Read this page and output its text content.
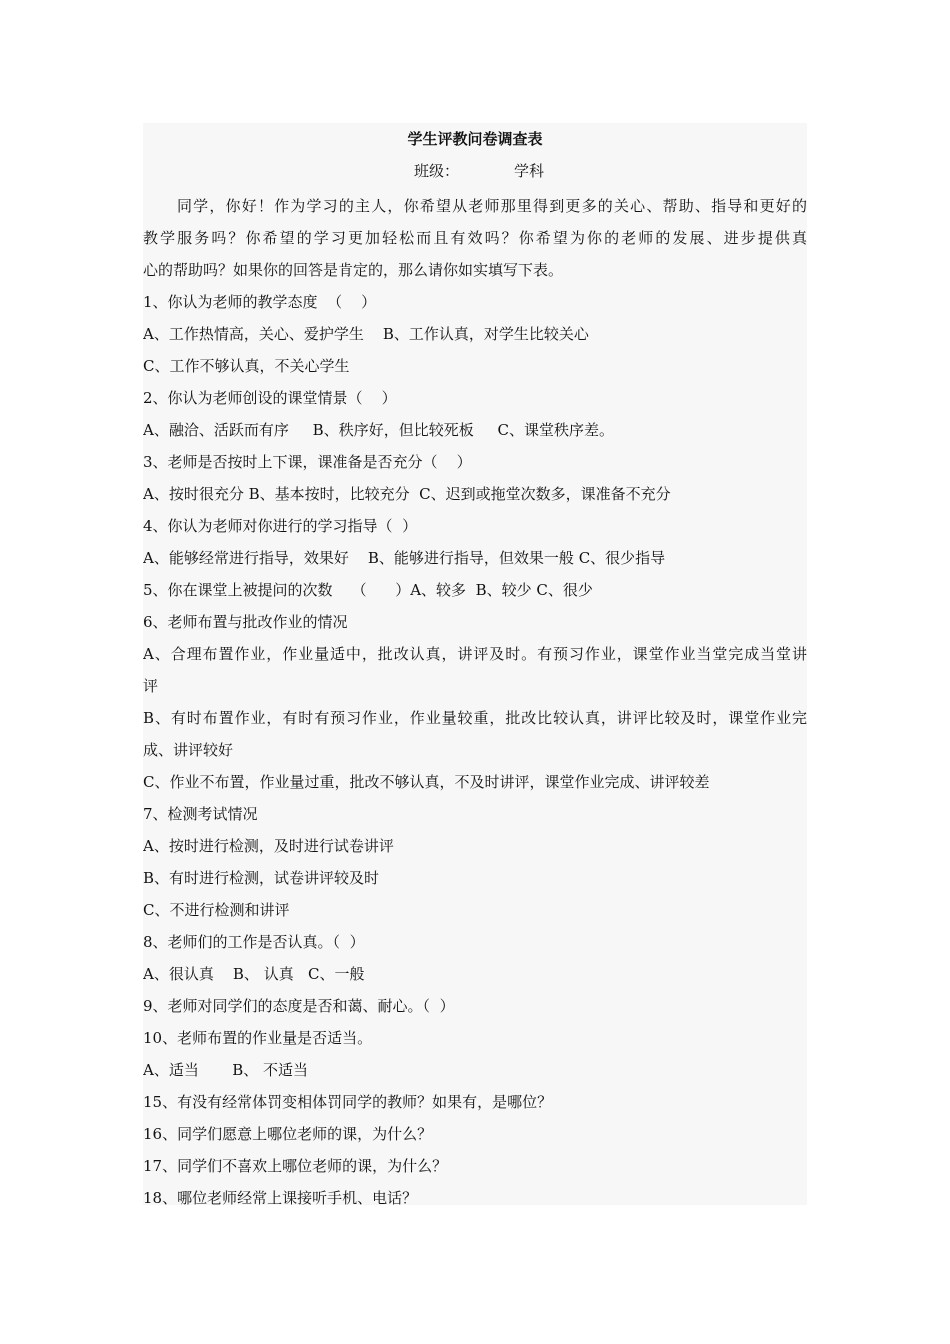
学生评教问卷调查表
班级：	学科
同学，你好！作为学习的主人，你希望从老师那里得到更多的关心、帮助、指导和更好的
教学服务吗？你希望的学习更加轻松而且有效吗？你希望为你的老师的发展、进步提供真
心的帮助吗？如果你的回答是肯定的，那么请你如实填写下表。
1、你认为老师的教学态度  （    ）
A、工作热情高，关心、爱护学生    B、工作认真，对学生比较关心
C、工作不够认真，不关心学生
2、你认为老师创设的课堂情景（    ）
A、融洽、活跃而有序     B、秩序好，但比较死板     C、课堂秩序差。
3、老师是否按时上下课，课准备是否充分（    ）
A、按时很充分 B、基本按时，比较充分  C、迟到或拖堂次数多，课准备不充分
4、你认为老师对你进行的学习指导（  ）
A、能够经常进行指导，效果好    B、能够进行指导，但效果一般 C、很少指导
5、你在课堂上被提问的次数    （      ）A、较多  B、较少 C、很少
6、老师布置与批改作业的情况
A、合理布置作业，作业量适中，批改认真，讲评及时。有预习作业，课堂作业当堂完成当堂讲
评
B、有时布置作业，有时有预习作业，作业量较重，批改比较认真，讲评比较及时，课堂作业完
成、讲评较好
C、作业不布置，作业量过重，批改不够认真，不及时讲评，课堂作业完成、讲评较差
7、检测考试情况
A、按时进行检测，及时进行试卷讲评
B、有时进行检测，试卷讲评较及时
C、不进行检测和讲评
8、老师们的工作是否认真。（  ）
A、很认真    B、 认真   C、一般
9、老师对同学们的态度是否和蔼、耐心。（  ）
10、老师布置的作业量是否适当。
A、适当       B、 不适当
15、有没有经常体罚变相体罚同学的教师？如果有，是哪位？
16、同学们愿意上哪位老师的课，为什么？
17、同学们不喜欢上哪位老师的课，为什么？
18、哪位老师经常上课接听手机、电话？
